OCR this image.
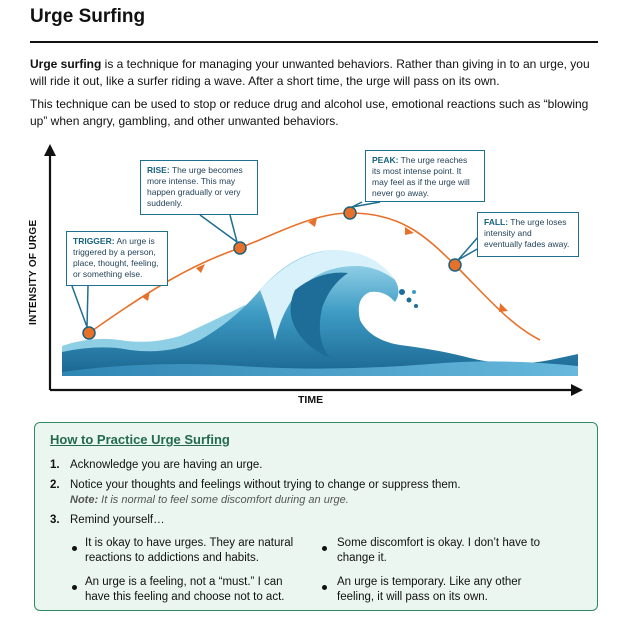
Urge Surfing
Urge surfing is a technique for managing your unwanted behaviors. Rather than giving in to an urge, you will ride it out, like a surfer riding a wave. After a short time, the urge will pass on its own.
This technique can be used to stop or reduce drug and alcohol use, emotional reactions such as “blowing up” when angry, gambling, and other unwanted behaviors.
TRIGGER: An urge is triggered by a person, place, thought, feeling, or something else.
RISE: The urge becomes more intense. This may happen gradually or very suddenly.
PEAK: The urge reaches its most intense point. It may feel as if the urge will never go away.
FALL: The urge loses intensity and eventually fades away.
INTENSITY OF URGE
TIME
How to Practice Urge Surfing
1. Acknowledge you are having an urge.
2. Notice your thoughts and feelings without trying to change or suppress them.
Note: It is normal to feel some discomfort during an urge.
3. Remind yourself…
It is okay to have urges. They are natural reactions to addictions and habits.
Some discomfort is okay. I don’t have to change it.
An urge is a feeling, not a “must.” I can have this feeling and choose not to act.
An urge is temporary. Like any other feeling, it will pass on its own.
